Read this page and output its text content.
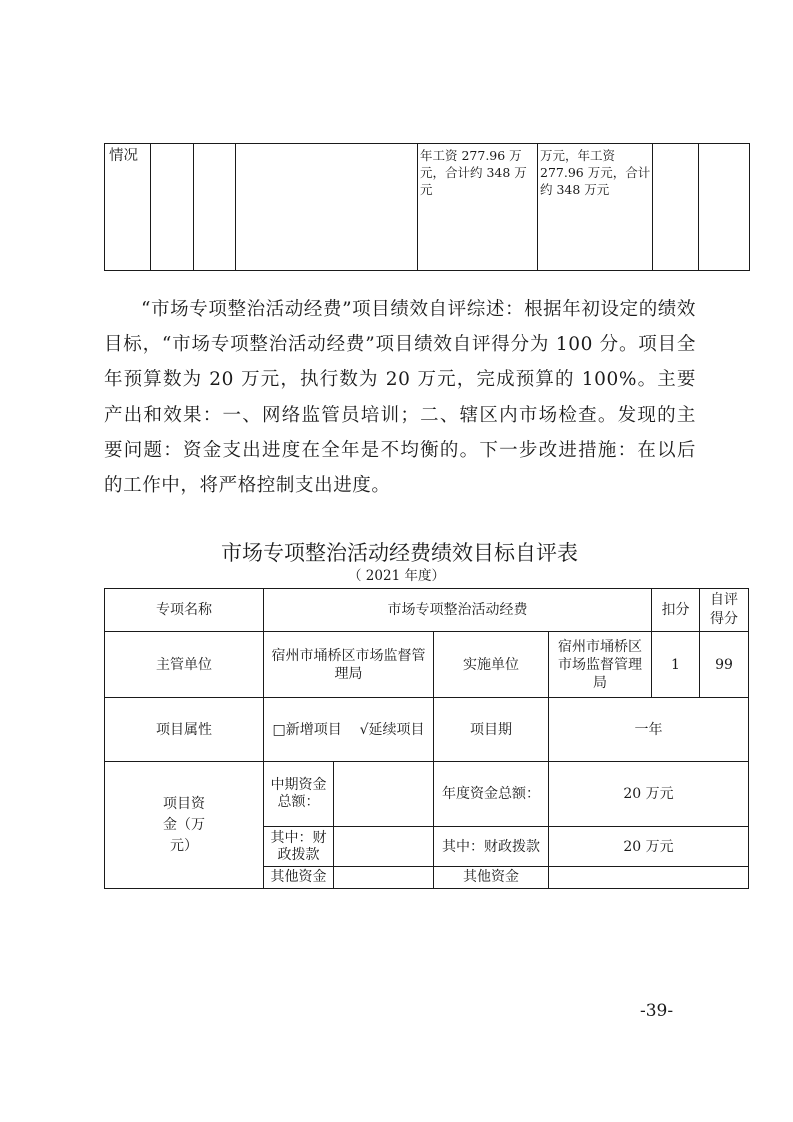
情况				年工资 277.96 万元，合计约 348 万元	万元，年工资 277.96 万元，合计约 348 万元		

“市场专项整治活动经费”项目绩效自评综述：根据年初设定的绩效目标，“市场专项整治活动经费”项目绩效自评得分为 100 分。项目全年预算数为 20 万元，执行数为 20 万元，完成预算的 100%。主要产出和效果：一、网络监管员培训；二、辖区内市场检查。发现的主要问题：资金支出进度在全年是不均衡的。下一步改进措施：在以后的工作中，将严格控制支出进度。

市场专项整治活动经费绩效目标自评表
（ 2021 年度）
专项名称	市场专项整治活动经费				扣分	自评得分
主管单位	宿州市埇桥区市场监督管理局		实施单位	宿州市埇桥区市场监督管理局	1	99
项目属性	□新增项目 √延续项目		项目期	一年		
项目资金（万元）	中期资金总额：		年度资金总额：	20 万元		
	其中：财政拨款		其中：财政拨款	20 万元		
	其他资金		其他资金			
-39-
